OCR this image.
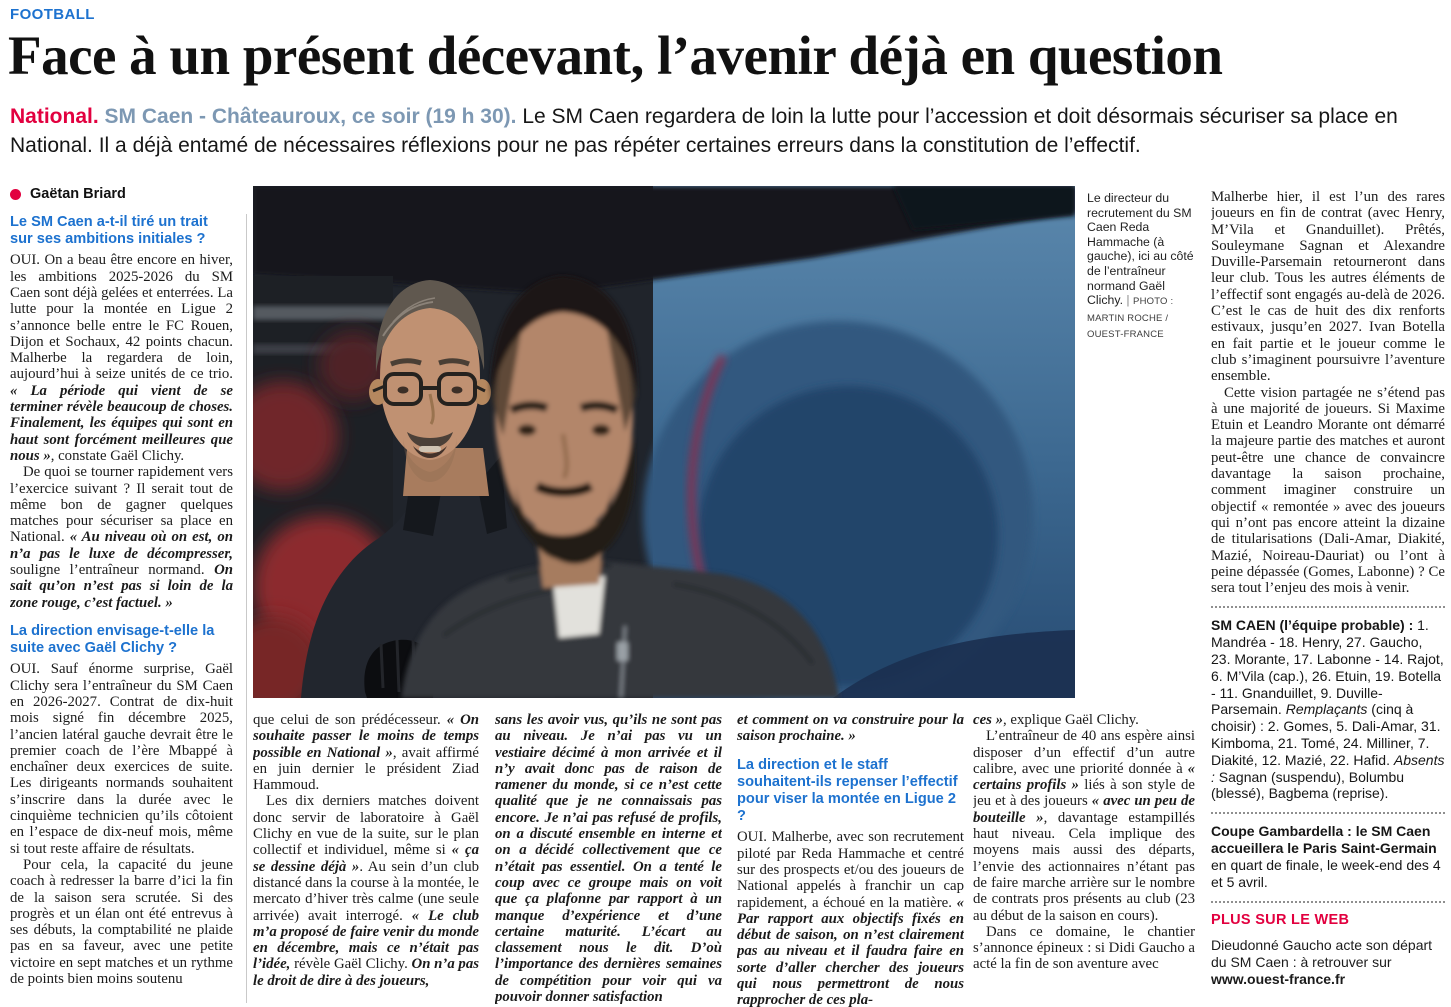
FOOTBALL
Face à un présent décevant, l’avenir déjà en question

National. SM Caen - Châteauroux, ce soir (19 h 30). Le SM Caen regardera de loin la lutte pour l’accession et doit désormais sécuriser sa place en National. Il a déjà entamé de nécessaires réflexions pour ne pas répéter certaines erreurs dans la constitution de l’effectif.

Gaëtan Briard
Le SM Caen a-t-il tiré un trait sur ses ambitions initiales ?

OUI. On a beau être encore en hiver, les ambitions 2025-2026 du SM Caen sont déjà gelées et enterrées. La lutte pour la montée en Ligue 2 s’annonce belle entre le FC Rouen, Dijon et Sochaux, 42 points chacun. Malherbe la regardera de loin, aujourd’hui à seize unités de ce trio. « La période qui vient de se terminer révèle beaucoup de choses. Finalement, les équipes qui sont en haut sont forcément meilleures que nous », constate Gaël Clichy.

De quoi se tourner rapidement vers l’exercice suivant ? Il serait tout de même bon de gagner quelques matches pour sécuriser sa place en National. « Au niveau où on est, on n’a pas le luxe de décompresser, souligne l’entraîneur normand. On sait qu’on n’est pas si loin de la zone rouge, c’est factuel. »

La direction envisage-t-elle la suite avec Gaël Clichy ?

OUI. Sauf énorme surprise, Gaël Clichy sera l’entraîneur du SM Caen en 2026-2027. Contrat de dix-huit mois signé fin décembre 2025, l’ancien latéral gauche devrait être le premier coach de l’ère Mbappé à enchaîner deux exercices de suite. Les dirigeants normands souhaitent s’inscrire dans la durée avec le cinquième technicien qu’ils côtoient en l’espace de dix-neuf mois, même si tout reste affaire de résultats.

Pour cela, la capacité du jeune coach à redresser la barre d’ici la fin de la saison sera scrutée. Si des progrès et un élan ont été entrevus à ses débuts, la comptabilité ne plaide pas en sa faveur, avec une petite victoire en sept matches et un rythme de points bien moins soutenu

Le directeur du recrutement du SM Caen Reda Hammache (à gauche), ici au côté de l’entraîneur normand Gaël Clichy. | PHOTO : MARTIN ROCHE / OUEST-FRANCE

que celui de son prédécesseur. « On souhaite passer le moins de temps possible en National », avait affirmé en juin dernier le président Ziad Hammoud.

Les dix derniers matches doivent donc servir de laboratoire à Gaël Clichy en vue de la suite, sur le plan collectif et individuel, même si « ça se dessine déjà ». Au sein d’un club distancé dans la course à la montée, le mercato d’hiver très calme (une seule arrivée) avait interrogé. « Le club m’a proposé de faire venir du monde en décembre, mais ce n’était pas l’idée, révèle Gaël Clichy. On n’a pas le droit de dire à des joueurs,

sans les avoir vus, qu’ils ne sont pas au niveau. Je n’ai pas vu un vestiaire décimé à mon arrivée et il n’y avait donc pas de raison de ramener du monde, si ce n’est cette qualité que je ne connaissais pas encore. Je n’ai pas refusé de profils, on a discuté ensemble en interne et on a décidé collectivement que ce n’était pas essentiel. On a tenté le coup avec ce groupe mais on voit que ça plafonne par rapport à un manque d’expérience et d’une certaine maturité. L’écart au classement nous le dit. D’où l’importance des dernières semaines de compétition pour voir qui va pouvoir donner satisfaction

et comment on va construire pour la saison prochaine. »

La direction et le staff souhaitent-ils repenser l’effectif pour viser la montée en Ligue 2 ?

OUI. Malherbe, avec son recrutement piloté par Reda Hammache et centré sur des prospects et/ou des joueurs de National appelés à franchir un cap rapidement, a échoué en la matière. « Par rapport aux objectifs fixés en début de saison, on n’est clairement pas au niveau et il faudra faire en sorte d’aller chercher des joueurs qui nous permettront de nous rapprocher de ces pla-

ces », explique Gaël Clichy.

L’entraîneur de 40 ans espère ainsi disposer d’un effectif d’un autre calibre, avec une priorité donnée à « certains profils » liés à son style de jeu et à des joueurs « avec un peu de bouteille », davantage estampillés haut niveau. Cela implique des moyens mais aussi des départs, l’envie des actionnaires n’étant pas de faire marche arrière sur le nombre de contrats pros présents au club (23 au début de la saison en cours).

Dans ce domaine, le chantier s’annonce épineux : si Didi Gaucho a acté la fin de son aventure avec

Malherbe hier, il est l’un des rares joueurs en fin de contrat (avec Henry, M’Vila et Gnanduillet). Prêtés, Souleymane Sagnan et Alexandre Duville-Parsemain retourneront dans leur club. Tous les autres éléments de l’effectif sont engagés au-delà de 2026. C’est le cas de huit des dix renforts estivaux, jusqu’en 2027. Ivan Botella en fait partie et le joueur comme le club s’imaginent poursuivre l’aventure ensemble.

Cette vision partagée ne s’étend pas à une majorité de joueurs. Si Maxime Etuin et Leandro Morante ont démarré la majeure partie des matches et auront peut-être une chance de convaincre davantage la saison prochaine, comment imaginer construire un objectif « remontée » avec des joueurs qui n’ont pas encore atteint la dizaine de titularisations (Dali-Amar, Diakité, Mazié, Noireau-Dauriat) ou l’ont à peine dépassée (Gomes, Labonne) ? Ce sera tout l’enjeu des mois à venir.

SM CAEN (l’équipe probable) : 1. Mandréa - 18. Henry, 27. Gaucho, 23. Morante, 17. Labonne - 14. Rajot, 6. M’Vila (cap.), 26. Etuin, 19. Botella - 11. Gnanduillet, 9. Duville-Parsemain. Remplaçants (cinq à choisir) : 2. Gomes, 5. Dali-Amar, 31. Kimboma, 21. Tomé, 24. Milliner, 7. Diakité, 12. Mazié, 22. Hafid. Absents : Sagnan (suspendu), Bolumbu (blessé), Bagbema (reprise).

Coupe Gambardella : le SM Caen accueillera le Paris Saint-Germain en quart de finale, le week-end des 4 et 5 avril.

PLUS SUR LE WEB

Dieudonné Gaucho acte son départ du SM Caen : à retrouver sur www.ouest-france.fr
